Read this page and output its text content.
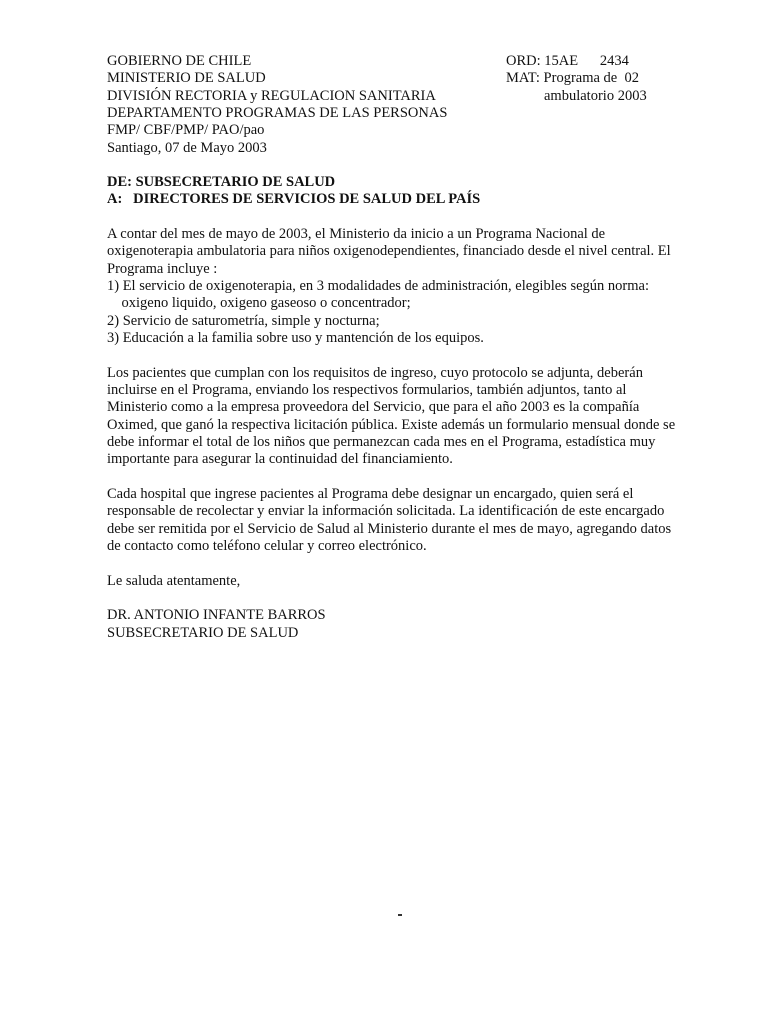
GOBIERNO DE CHILE
MINISTERIO DE SALUD
DIVISIÓN RECTORIA y REGULACION SANITARIA
DEPARTAMENTO PROGRAMAS DE LAS PERSONAS
FMP/ CBF/PMP/ PAO/pao
Santiago, 07 de Mayo 2003
ORD: 15AE      2434
MAT: Programa de  02
ambulatorio 2003
DE: SUBSECRETARIO DE SALUD
A:   DIRECTORES DE SERVICIOS DE SALUD DEL PAÍS
A contar del mes de mayo de 2003, el Ministerio da inicio a un Programa Nacional de
oxigenoterapia ambulatoria para niños oxigenodependientes, financiado desde el nivel central. El
Programa incluye :
1) El servicio de oxigenoterapia, en 3 modalidades de administración, elegibles según norma:
oxigeno liquido, oxigeno gaseoso o concentrador;
2) Servicio de saturometría, simple y nocturna;
3) Educación a la familia sobre uso y mantención de los equipos.
Los pacientes que cumplan con los requisitos de ingreso, cuyo protocolo se adjunta, deberán
incluirse en el Programa, enviando los respectivos formularios, también adjuntos, tanto al
Ministerio como a la empresa proveedora del Servicio, que para el año 2003 es la compañía
Oximed, que ganó la respectiva licitación pública. Existe además un formulario mensual donde se
debe informar el total de los niños que permanezcan cada mes en el Programa, estadística muy
importante para asegurar la continuidad del financiamiento.
Cada hospital que ingrese pacientes al Programa debe designar un encargado, quien será el
responsable de recolectar y enviar la información solicitada. La identificación de este encargado
debe ser remitida por el Servicio de Salud al Ministerio durante el mes de mayo, agregando datos
de contacto como teléfono celular y correo electrónico.
Le saluda atentamente,
DR. ANTONIO INFANTE BARROS
SUBSECRETARIO DE SALUD
